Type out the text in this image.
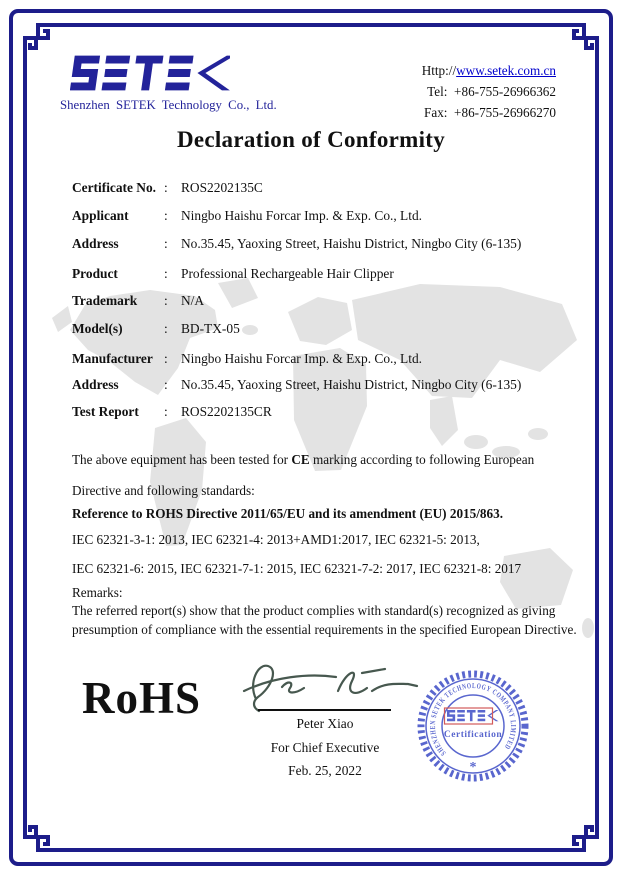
Shenzhen SETEK Technology Co., Ltd.
Http://www.setek.com.cn
Tel: +86-755-26966362
Fax: +86-755-26966270
Declaration of Conformity
Certificate No. : ROS2202135C
Applicant	: Ningbo Haishu Forcar Imp. & Exp. Co., Ltd.
Address	: No.35.45, Yaoxing Street, Haishu District, Ningbo City (6-135)
Product	: Professional Rechargeable Hair Clipper
Trademark : N/A
Model(s)	: BD-TX-05
Manufacturer : Ningbo Haishu Forcar Imp. & Exp. Co., Ltd.
Address	: No.35.45, Yaoxing Street, Haishu District, Ningbo City (6-135)
Test Report : ROS2202135CR
The above equipment has been tested for CE marking according to following European
Directive and following standards:
Reference to ROHS Directive 2011/65/EU and its amendment (EU) 2015/863.
IEC 62321-3-1: 2013, IEC 62321-4: 2013+AMD1:2017, IEC 62321-5: 2013,
IEC 62321-6: 2015, IEC 62321-7-1: 2015, IEC 62321-7-2: 2017, IEC 62321-8: 2017
Remarks:
The referred report(s) show that the product complies with standard(s) recognized as giving
presumption of compliance with the essential requirements in the specified European Directive.
RoHS
Peter Xiao
For Chief Executive
Feb. 25, 2022
SHENZHEN SETEK TECHNOLOGY COMPANY LIMITED
Certification
*
